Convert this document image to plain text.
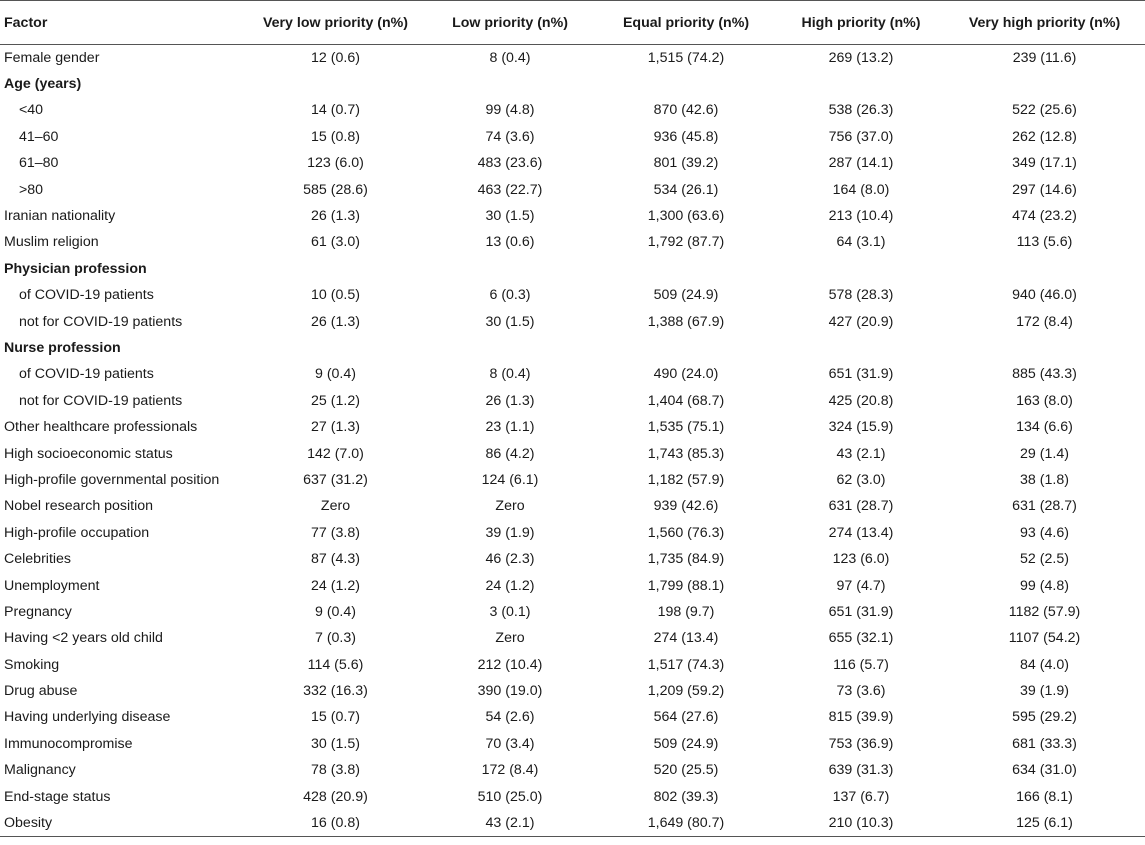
Factor	Very low priority (n%)	Low priority (n%)	Equal priority (n%)	High priority (n%)	Very high priority (n%)
Female gender	12 (0.6)	8 (0.4)	1,515 (74.2)	269 (13.2)	239 (11.6)
Age (years)					
<40	14 (0.7)	99 (4.8)	870 (42.6)	538 (26.3)	522 (25.6)
41–60	15 (0.8)	74 (3.6)	936 (45.8)	756 (37.0)	262 (12.8)
61–80	123 (6.0)	483 (23.6)	801 (39.2)	287 (14.1)	349 (17.1)
>80	585 (28.6)	463 (22.7)	534 (26.1)	164 (8.0)	297 (14.6)
Iranian nationality	26 (1.3)	30 (1.5)	1,300 (63.6)	213 (10.4)	474 (23.2)
Muslim religion	61 (3.0)	13 (0.6)	1,792 (87.7)	64 (3.1)	113 (5.6)
Physician profession					
of COVID-19 patients	10 (0.5)	6 (0.3)	509 (24.9)	578 (28.3)	940 (46.0)
not for COVID-19 patients	26 (1.3)	30 (1.5)	1,388 (67.9)	427 (20.9)	172 (8.4)
Nurse profession					
of COVID-19 patients	9 (0.4)	8 (0.4)	490 (24.0)	651 (31.9)	885 (43.3)
not for COVID-19 patients	25 (1.2)	26 (1.3)	1,404 (68.7)	425 (20.8)	163 (8.0)
Other healthcare professionals	27 (1.3)	23 (1.1)	1,535 (75.1)	324 (15.9)	134 (6.6)
High socioeconomic status	142 (7.0)	86 (4.2)	1,743 (85.3)	43 (2.1)	29 (1.4)
High-profile governmental position	637 (31.2)	124 (6.1)	1,182 (57.9)	62 (3.0)	38 (1.8)
Nobel research position	Zero	Zero	939 (42.6)	631 (28.7)	631 (28.7)
High-profile occupation	77 (3.8)	39 (1.9)	1,560 (76.3)	274 (13.4)	93 (4.6)
Celebrities	87 (4.3)	46 (2.3)	1,735 (84.9)	123 (6.0)	52 (2.5)
Unemployment	24 (1.2)	24 (1.2)	1,799 (88.1)	97 (4.7)	99 (4.8)
Pregnancy	9 (0.4)	3 (0.1)	198 (9.7)	651 (31.9)	1182 (57.9)
Having <2 years old child	7 (0.3)	Zero	274 (13.4)	655 (32.1)	1107 (54.2)
Smoking	114 (5.6)	212 (10.4)	1,517 (74.3)	116 (5.7)	84 (4.0)
Drug abuse	332 (16.3)	390 (19.0)	1,209 (59.2)	73 (3.6)	39 (1.9)
Having underlying disease	15 (0.7)	54 (2.6)	564 (27.6)	815 (39.9)	595 (29.2)
Immunocompromise	30 (1.5)	70 (3.4)	509 (24.9)	753 (36.9)	681 (33.3)
Malignancy	78 (3.8)	172 (8.4)	520 (25.5)	639 (31.3)	634 (31.0)
End-stage status	428 (20.9)	510 (25.0)	802 (39.3)	137 (6.7)	166 (8.1)
Obesity	16 (0.8)	43 (2.1)	1,649 (80.7)	210 (10.3)	125 (6.1)
